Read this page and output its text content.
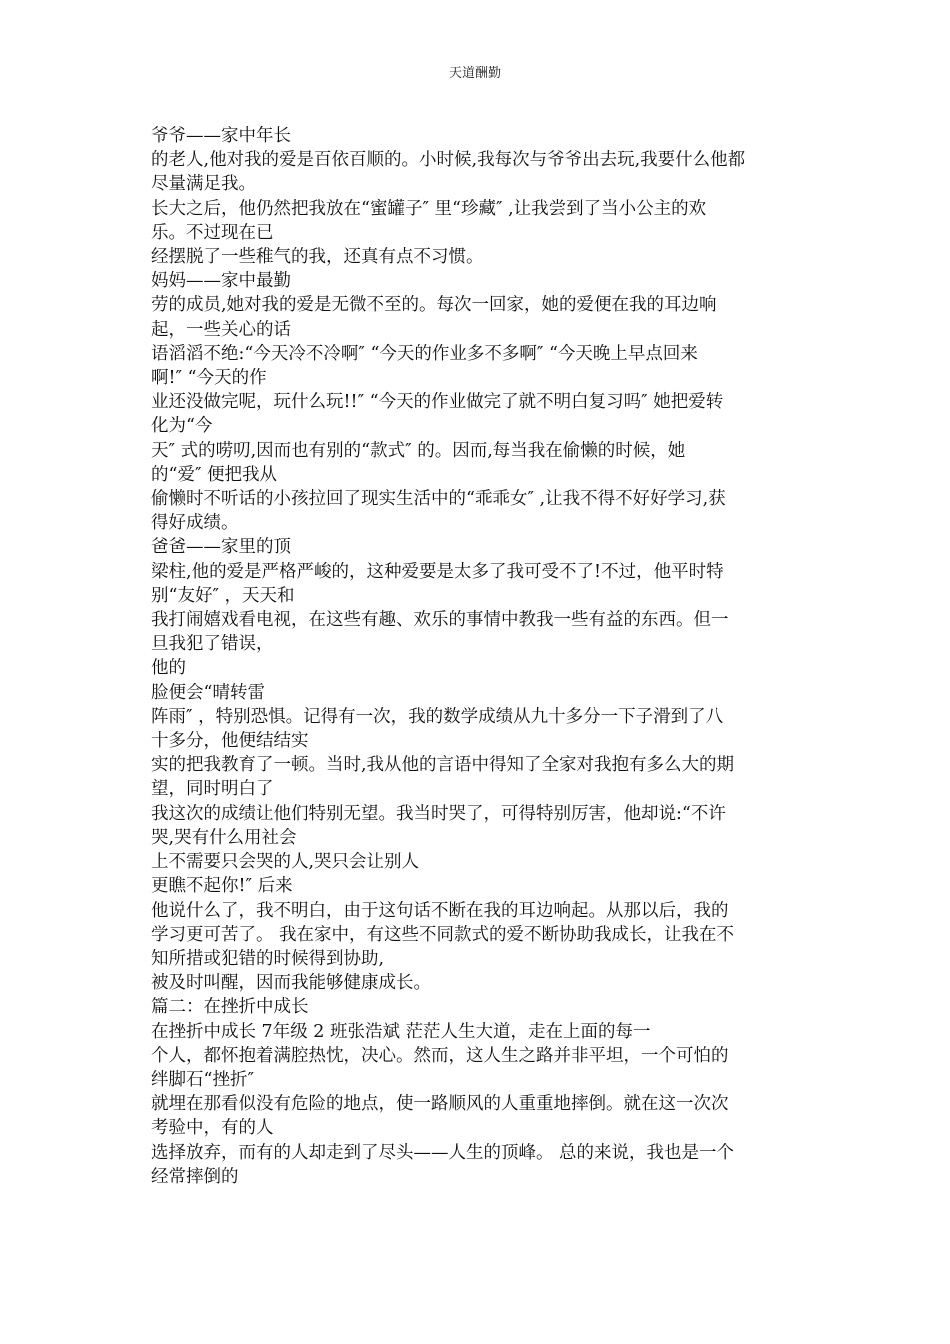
天道酬勤
爷爷——家中年长
的老人,他对我的爱是百依百顺的。小时候,我每次与爷爷出去玩,我要什么他都
尽量满足我。
长大之后，他仍然把我放在“蜜罐子″ 里“珍藏″ ,让我尝到了当小公主的欢
乐。不过现在已
经摆脱了一些稚气的我，还真有点不习惯。
妈妈——家中最勤
劳的成员,她对我的爱是无微不至的。每次一回家，她的爱便在我的耳边响
起，一些关心的话
语滔滔不绝:“今天冷不冷啊″ “今天的作业多不多啊″ “今天晚上早点回来
啊!″ “今天的作
业还没做完呢，玩什么玩!!″ “今天的作业做完了就不明白复习吗″ 她把爱转
化为“今
天″ 式的唠叨,因而也有别的“款式″ 的。因而,每当我在偷懒的时候，她
的“爱″ 便把我从
偷懒时不听话的小孩拉回了现实生活中的“乖乖女″ ,让我不得不好好学习,获
得好成绩。
爸爸——家里的顶
梁柱,他的爱是严格严峻的，这种爱要是太多了我可受不了!不过，他平时特
别“友好″ ，天天和
我打闹嬉戏看电视，在这些有趣、欢乐的事情中教我一些有益的东西。但一
旦我犯了错误，
他的
脸便会“晴转雷
阵雨″ ，特别恐惧。记得有一次，我的数学成绩从九十多分一下子滑到了八
十多分，他便结结实
实的把我教育了一顿。当时,我从他的言语中得知了全家对我抱有多么大的期
望，同时明白了
我这次的成绩让他们特别无望。我当时哭了，可得特别厉害，他却说:“不许
哭,哭有什么用社会
上不需要只会哭的人,哭只会让别人
更瞧不起你!″ 后来
他说什么了，我不明白，由于这句话不断在我的耳边响起。从那以后，我的
学习更可苦了。 我在家中，有这些不同款式的爱不断协助我成长，让我在不
知所措或犯错的时候得到协助,
被及时叫醒，因而我能够健康成长。
篇二：在挫折中成长
在挫折中成长 7年级 2 班张浩斌 茫茫人生大道，走在上面的每一
个人，都怀抱着满腔热忱，决心。然而，这人生之路并非平坦，一个可怕的
绊脚石“挫折″
就埋在那看似没有危险的地点，使一路顺风的人重重地摔倒。就在这一次次
考验中，有的人
选择放弃，而有的人却走到了尽头——人生的顶峰。 总的来说，我也是一个
经常摔倒的
